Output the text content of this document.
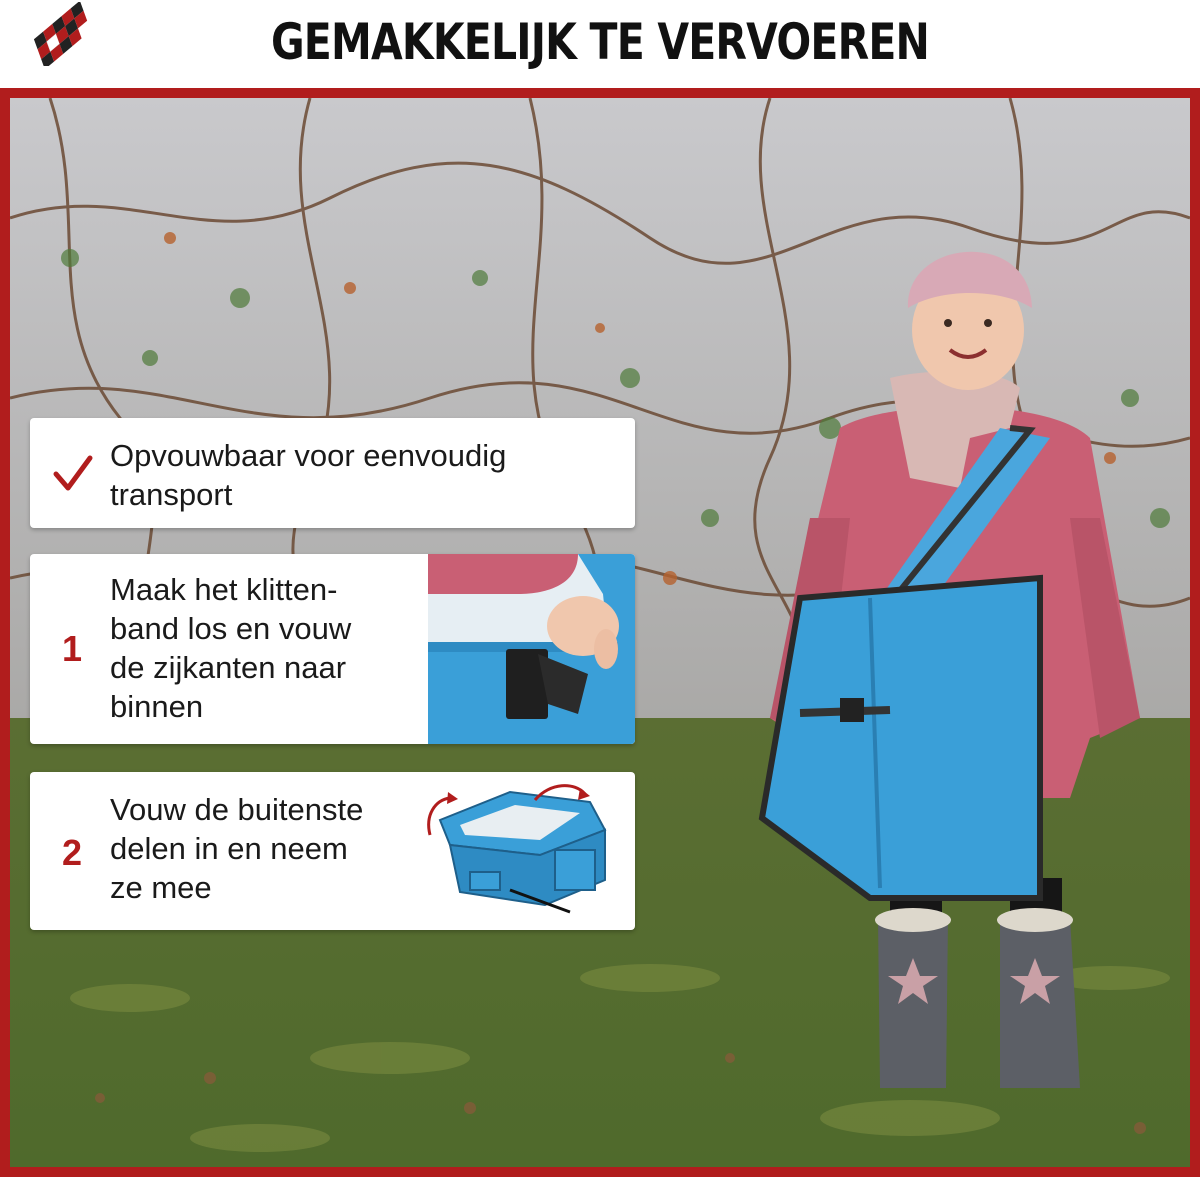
GEMAKKELIJK TE VERVOEREN
Opvouwbaar voor eenvoudig
transport
1
Maak het klitten-
band los en vouw
de zijkanten naar
binnen
2
Vouw de buitenste
delen in en neem
ze mee
